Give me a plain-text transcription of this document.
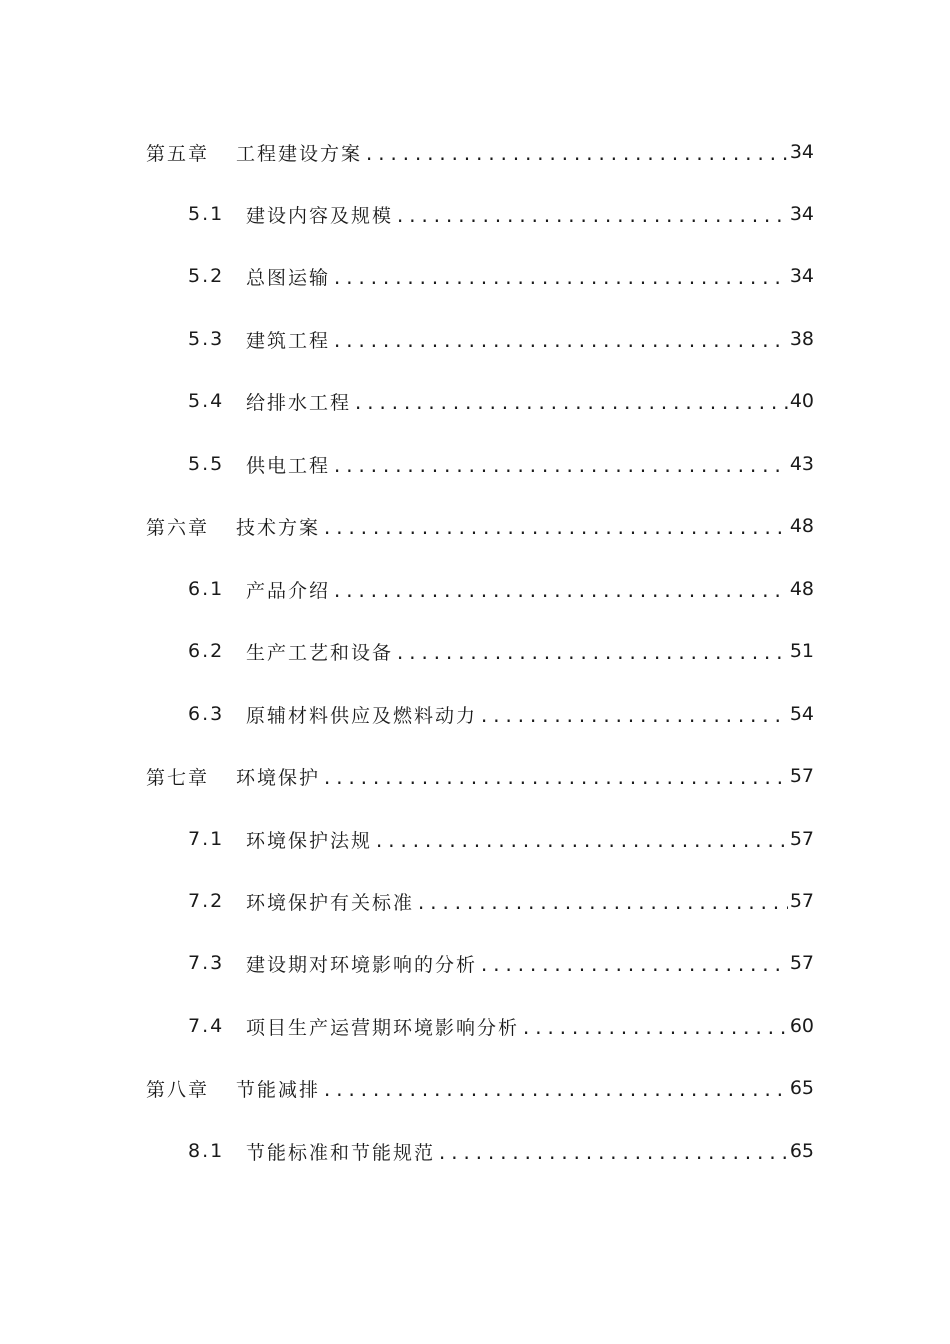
第五章	工程建设方案 .....	34
5.1	建设内容及规模 .....	34
5.2	总图运输 .....	34
5.3	建筑工程 .....	38
5.4	给排水工程 .....	40
5.5	供电工程 .....	43
第六章	技术方案 .....	48
6.1	产品介绍 .....	48
6.2	生产工艺和设备 .....	51
6.3	原辅材料供应及燃料动力 .....	54
第七章	环境保护 .....	57
7.1	环境保护法规 .....	57
7.2	环境保护有关标准 .....	57
7.3	建设期对环境影响的分析 .....	57
7.4	项目生产运营期环境影响分析 .....	60
第八章	节能减排 .....	65
8.1	节能标准和节能规范 .....	65
